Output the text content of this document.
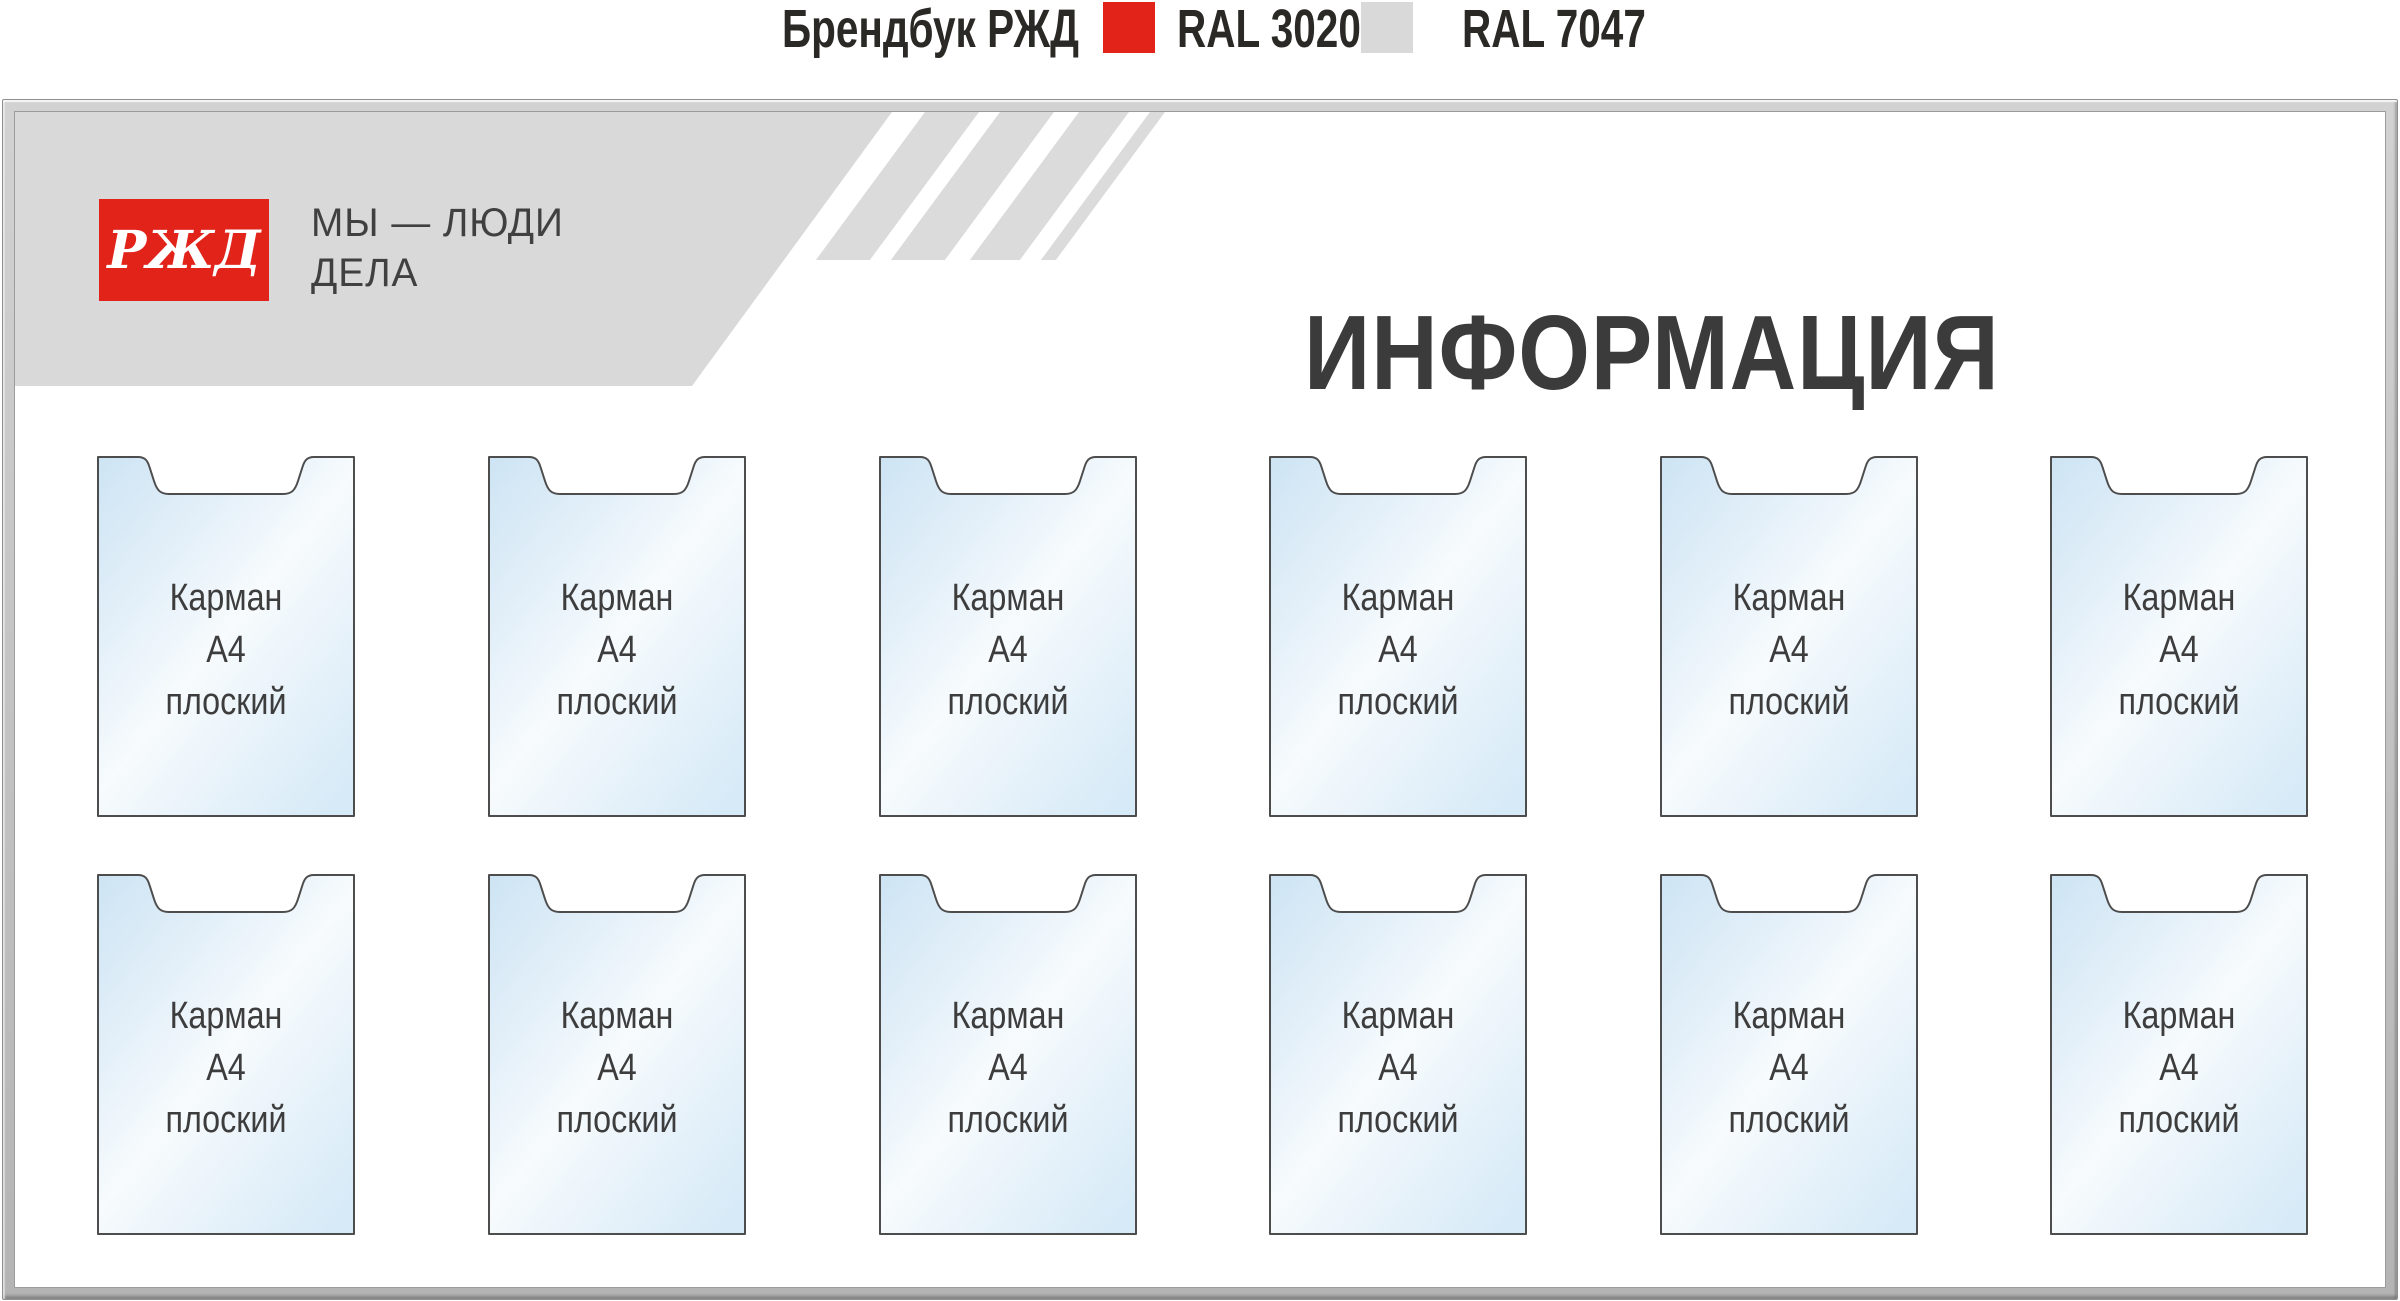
Брендбук РЖД RAL 3020 RAL 7047
РЖД МЫ — ЛЮДИ
ДЕЛА
ИНФОРМАЦИЯ
Карман
А4
плоский
Карман
А4
плоский
Карман
А4
плоский
Карман
А4
плоский
Карман
А4
плоский
Карман
А4
плоский
Карман
А4
плоский
Карман
А4
плоский
Карман
А4
плоский
Карман
А4
плоский
Карман
А4
плоский
Карман
А4
плоский
